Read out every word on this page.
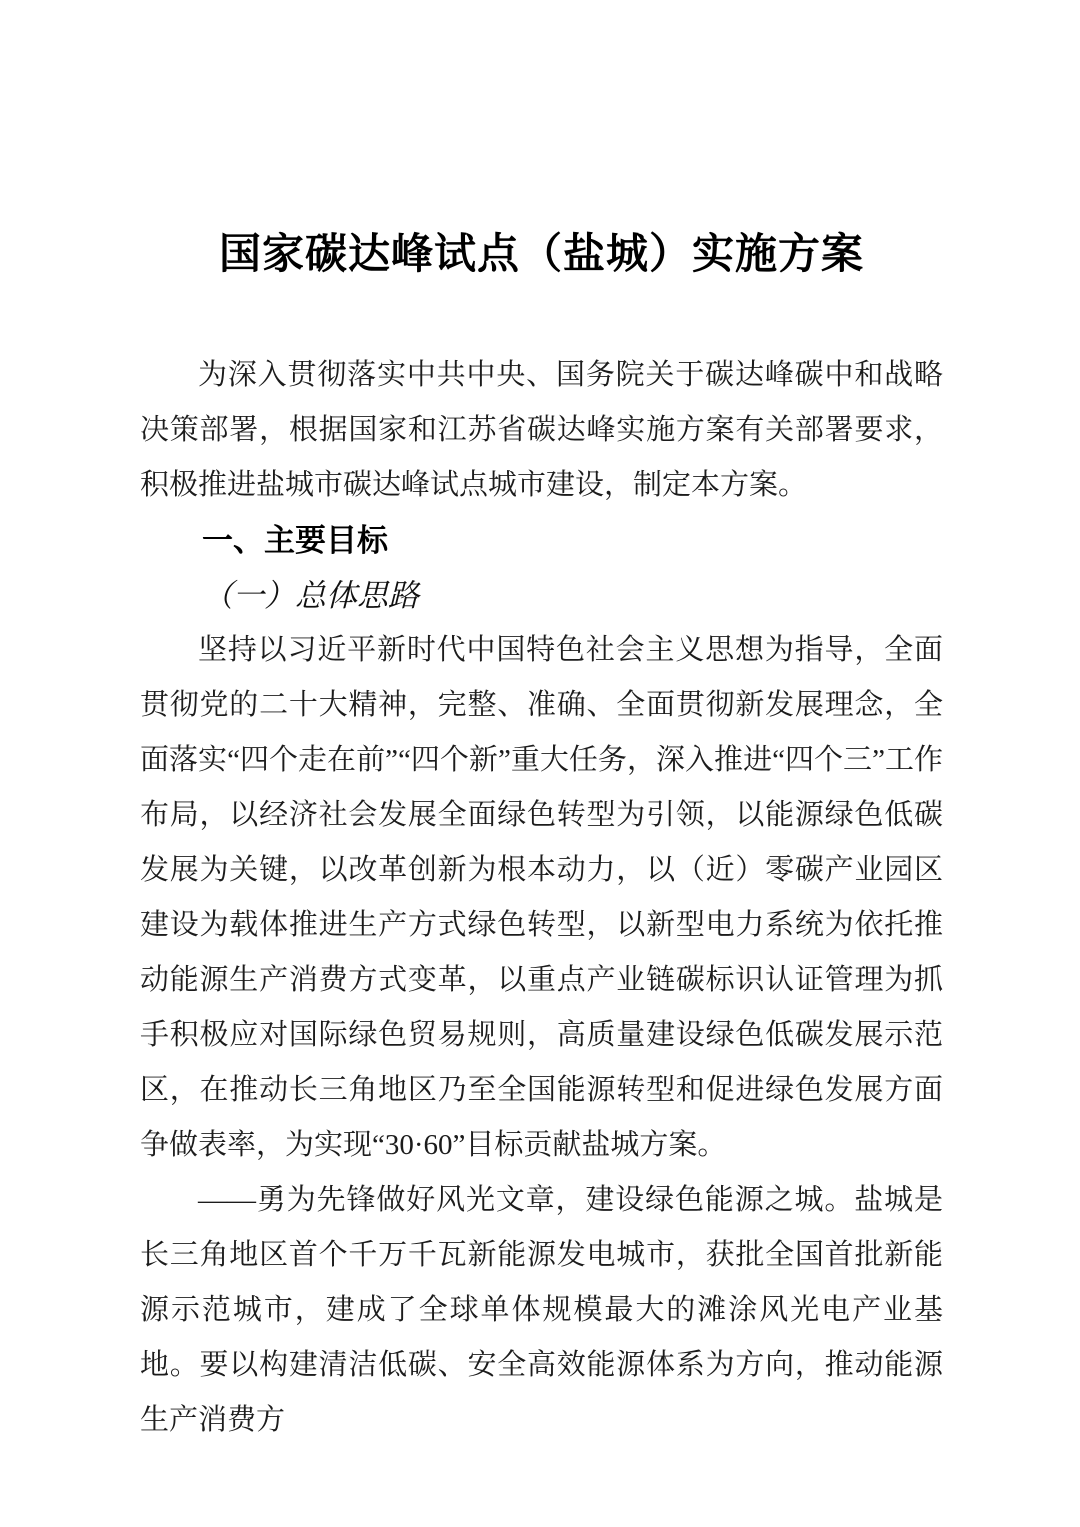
国家碳达峰试点（盐城）实施方案

为深入贯彻落实中共中央、国务院关于碳达峰碳中和战略决策部署，根据国家和江苏省碳达峰实施方案有关部署要求，积极推进盐城市碳达峰试点城市建设，制定本方案。

一、主要目标
（一）总体思路

坚持以习近平新时代中国特色社会主义思想为指导，全面贯彻党的二十大精神，完整、准确、全面贯彻新发展理念，全面落实“四个走在前”“四个新”重大任务，深入推进“四个三”工作布局，以经济社会发展全面绿色转型为引领，以能源绿色低碳发展为关键，以改革创新为根本动力，以（近）零碳产业园区建设为载体推进生产方式绿色转型，以新型电力系统为依托推动能源生产消费方式变革，以重点产业链碳标识认证管理为抓手积极应对国际绿色贸易规则，高质量建设绿色低碳发展示范区，在推动长三角地区乃至全国能源转型和促进绿色发展方面争做表率，为实现“30·60”目标贡献盐城方案。

——勇为先锋做好风光文章，建设绿色能源之城。盐城是长三角地区首个千万千瓦新能源发电城市，获批全国首批新能源示范城市，建成了全球单体规模最大的滩涂风光电产业基地。要以构建清洁低碳、安全高效能源体系为方向，推动能源生产消费方
